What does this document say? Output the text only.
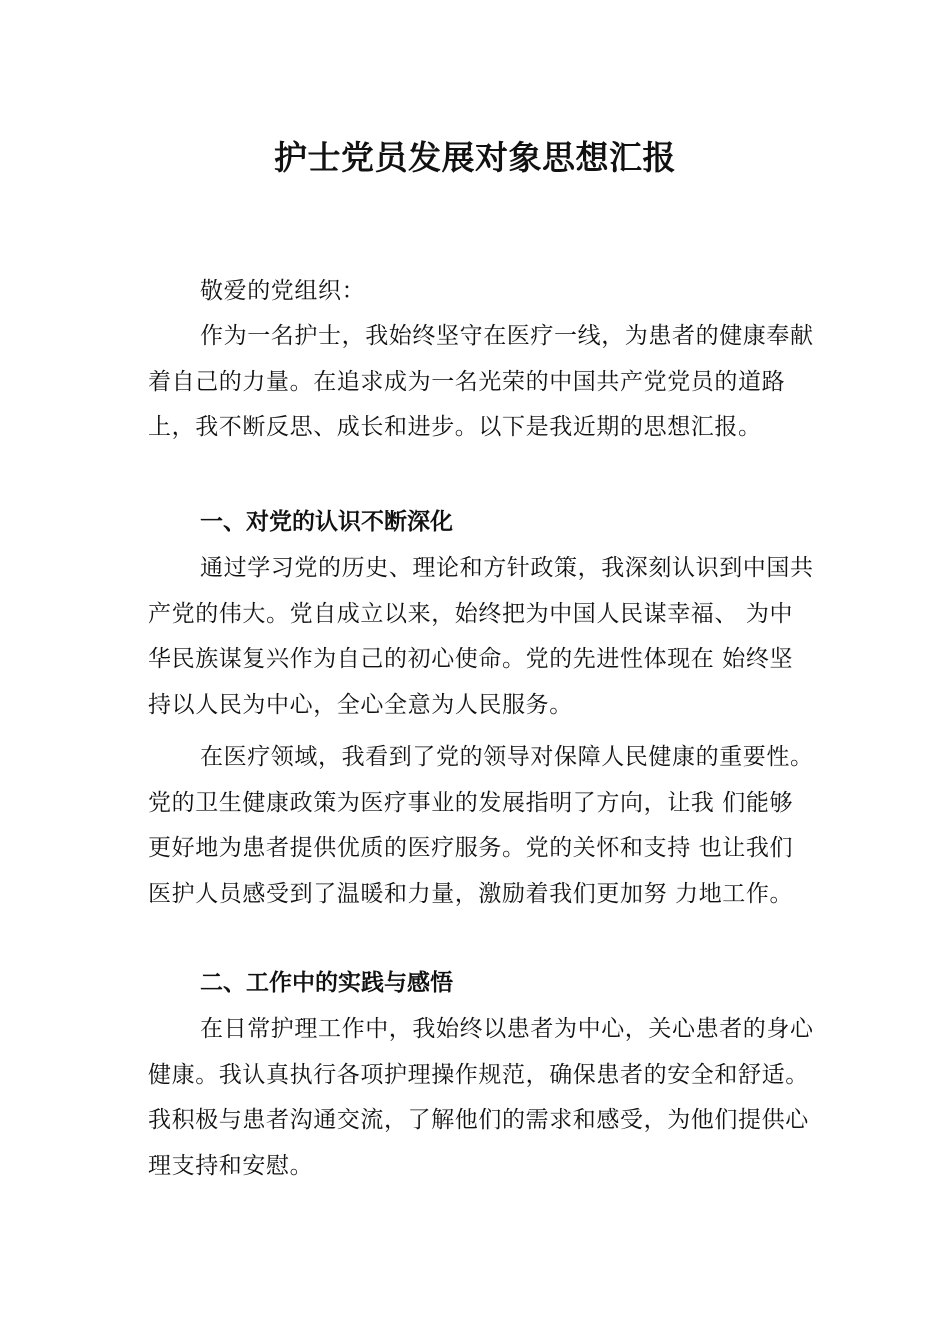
护士党员发展对象思想汇报

敬爱的党组织：

作为一名护士，我始终坚守在医疗一线，为患者的健康奉献着自己的力量。在追求成为一名光荣的中国共产党党员的道路上，我不断反思、成长和进步。以下是我近期的思想汇报。

一、对党的认识不断深化

通过学习党的历史、理论和方针政策，我深刻认识到中国共产党的伟大。党自成立以来，始终把为中国人民谋幸福、 为中华民族谋复兴作为自己的初心使命。党的先进性体现在 始终坚持以人民为中心，全心全意为人民服务。

在医疗领域，我看到了党的领导对保障人民健康的重要性。党的卫生健康政策为医疗事业的发展指明了方向，让我 们能够更好地为患者提供优质的医疗服务。党的关怀和支持 也让我们医护人员感受到了温暖和力量，激励着我们更加努 力地工作。

二、工作中的实践与感悟

在日常护理工作中，我始终以患者为中心，关心患者的身心健康。我认真执行各项护理操作规范，确保患者的安全和舒适。我积极与患者沟通交流，了解他们的需求和感受，为他们提供心理支持和安慰。
